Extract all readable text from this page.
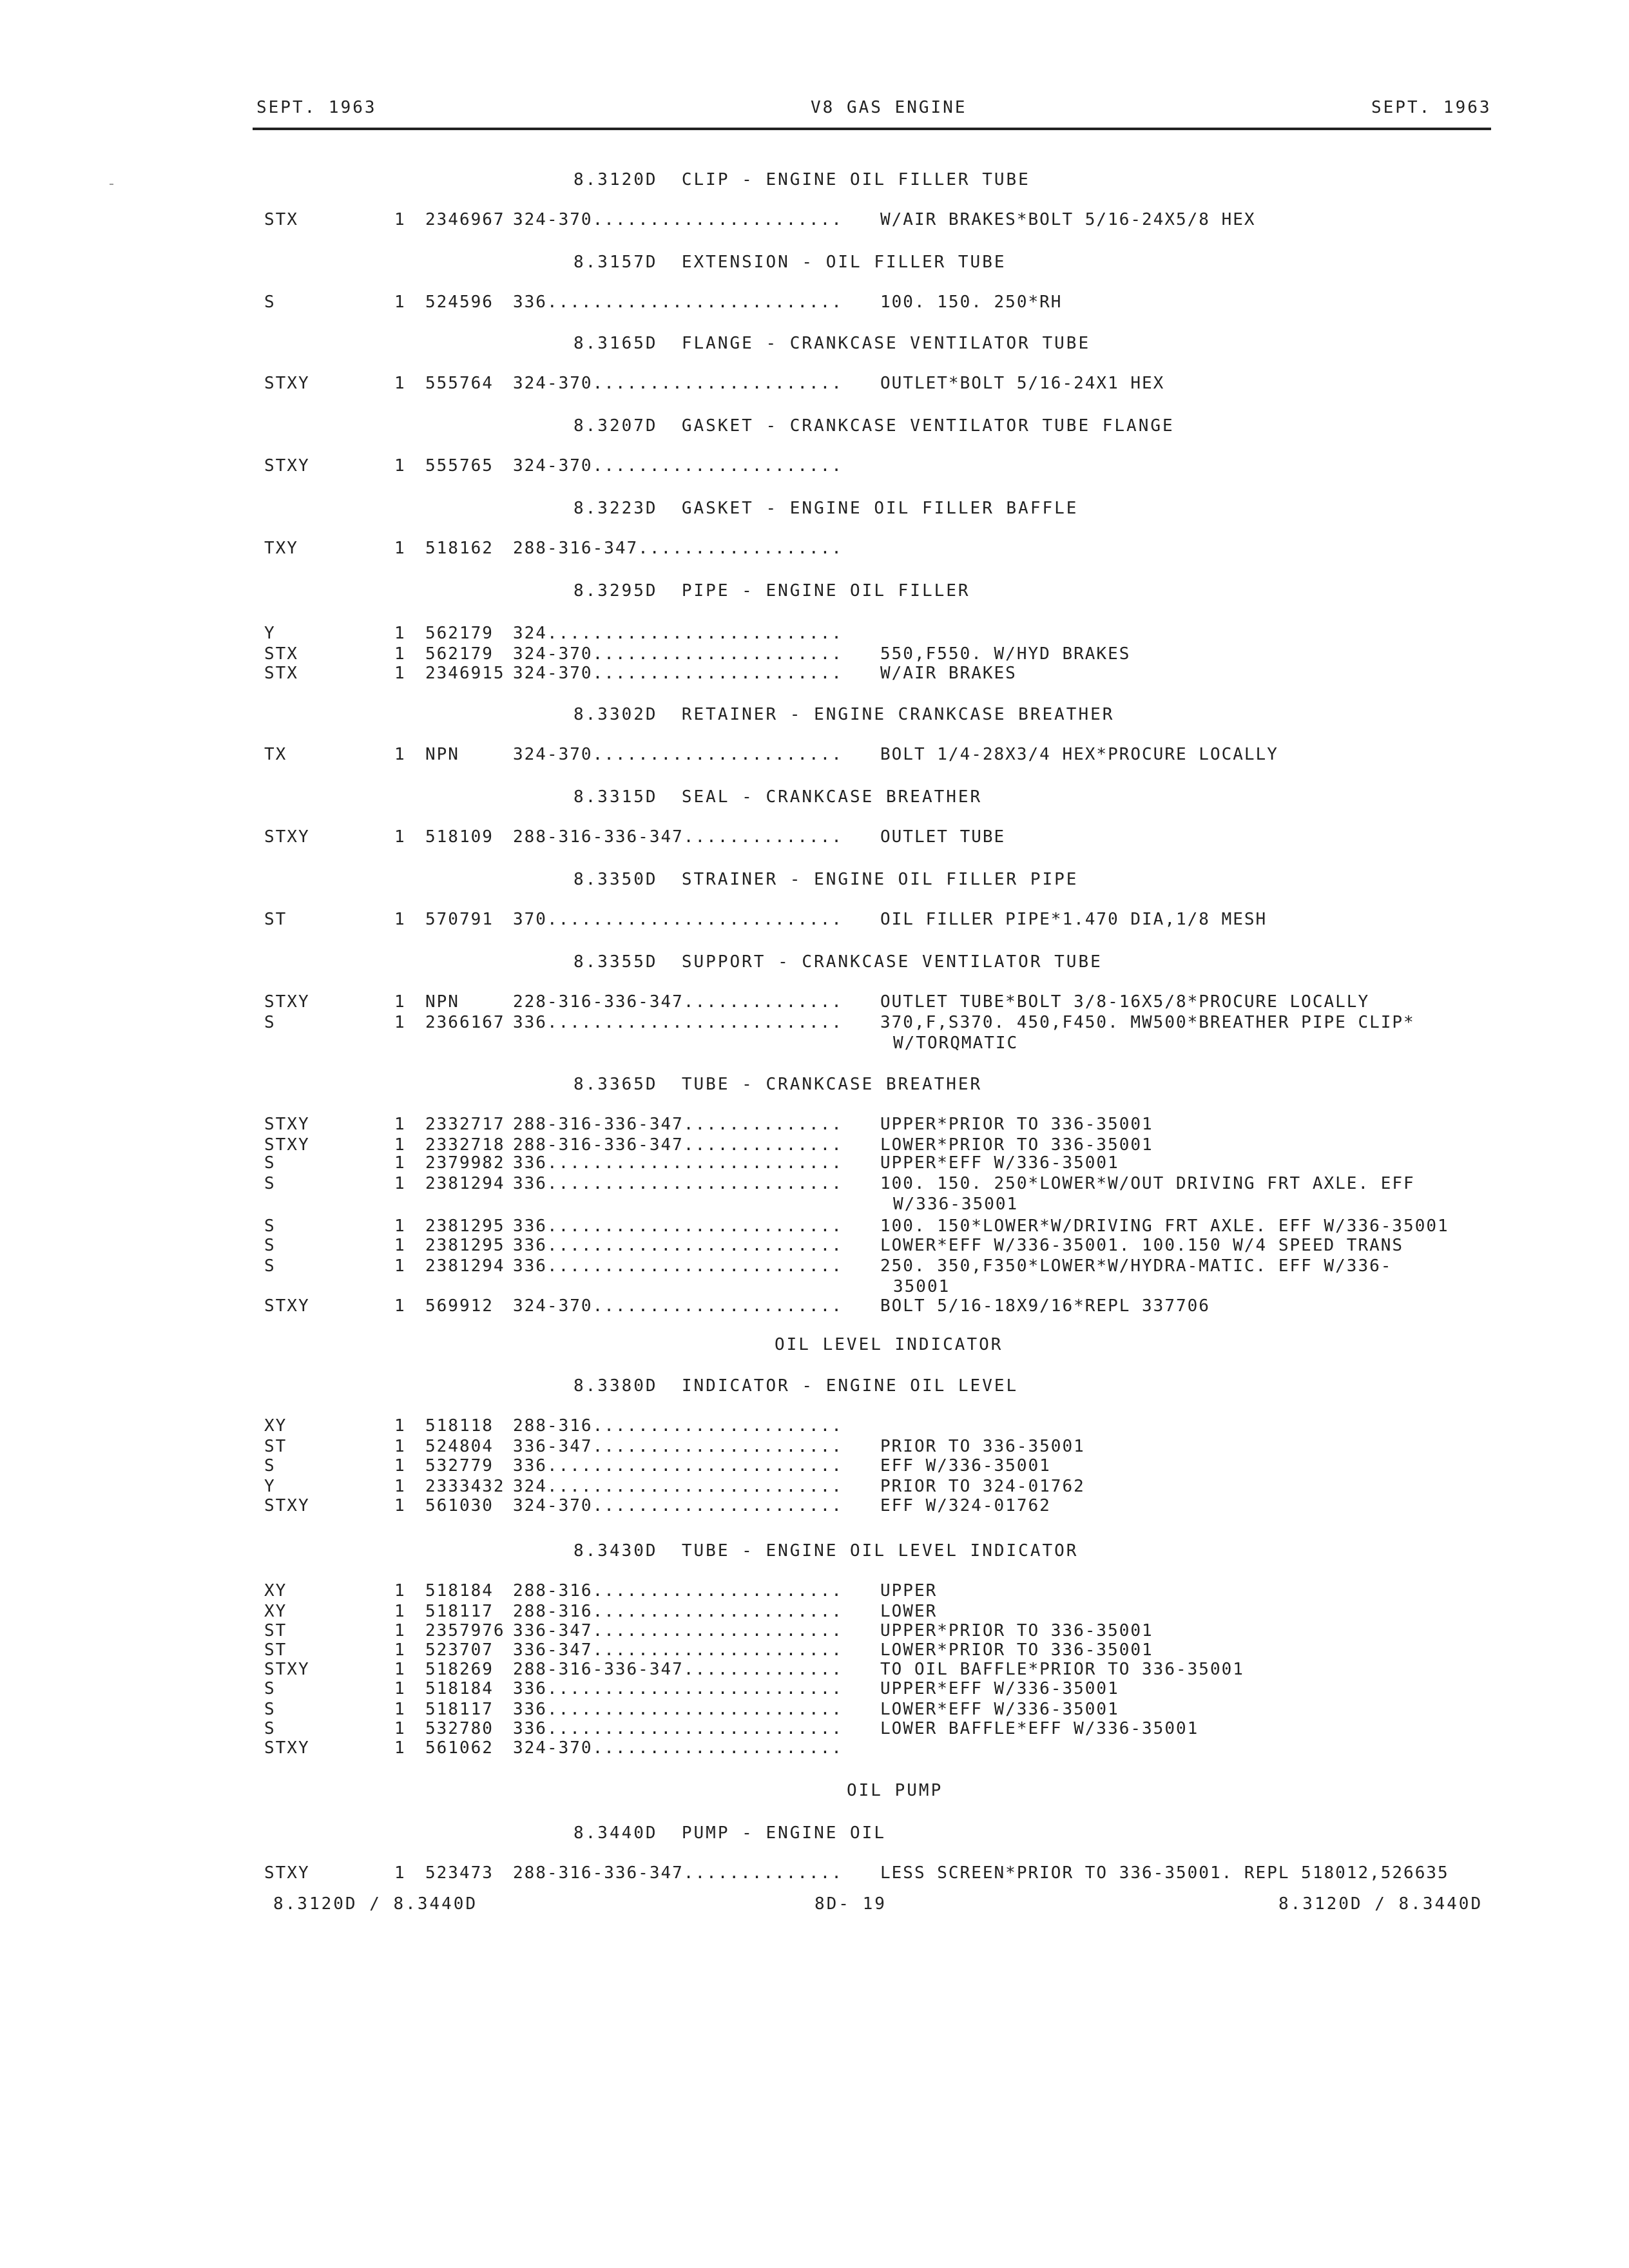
SEPT. 1963	V8 GAS ENGINE	SEPT. 1963
8.3120D  CLIP - ENGINE OIL FILLER TUBE
STX	1 2346967 324-370...................... W/AIR BRAKES*BOLT 5/16-24X5/8 HEX
8.3157D  EXTENSION - OIL FILLER TUBE
S	1 524596 336.......................... 100. 150. 250*RH
8.3165D  FLANGE - CRANKCASE VENTILATOR TUBE
STXY	1 555764 324-370...................... OUTLET*BOLT 5/16-24X1 HEX
8.3207D  GASKET - CRANKCASE VENTILATOR TUBE FLANGE
STXY	1 555765 324-370......................
8.3223D  GASKET - ENGINE OIL FILLER BAFFLE
TXY	1 518162 288-316-347..................
8.3295D  PIPE - ENGINE OIL FILLER
Y	1 562179 324..........................
STX	1 562179 324-370...................... 550,F550. W/HYD BRAKES
STX	1 2346915 324-370...................... W/AIR BRAKES
8.3302D  RETAINER - ENGINE CRANKCASE BREATHER
TX	1 NPN	324-370...................... BOLT 1/4-28X3/4 HEX*PROCURE LOCALLY
8.3315D  SEAL - CRANKCASE BREATHER
STXY	1 518109 288-316-336-347.............. OUTLET TUBE
8.3350D  STRAINER - ENGINE OIL FILLER PIPE
ST	1 570791 370.......................... OIL FILLER PIPE*1.470 DIA,1/8 MESH
8.3355D  SUPPORT - CRANKCASE VENTILATOR TUBE
STXY	1 NPN	228-316-336-347.............. OUTLET TUBE*BOLT 3/8-16X5/8*PROCURE LOCALLY
S	1 2366167 336.......................... 370,F,S370. 450,F450. MW500*BREATHER PIPE CLIP*
W/TORQMATIC
8.3365D  TUBE - CRANKCASE BREATHER
STXY	1 2332717 288-316-336-347.............. UPPER*PRIOR TO 336-35001
STXY	1 2332718 288-316-336-347.............. LOWER*PRIOR TO 336-35001
S	1 2379982 336.......................... UPPER*EFF W/336-35001
S	1 2381294 336.......................... 100. 150. 250*LOWER*W/OUT DRIVING FRT AXLE. EFF
W/336-35001
S	1 2381295 336.......................... 100. 150*LOWER*W/DRIVING FRT AXLE. EFF W/336-35001
S	1 2381295 336.......................... LOWER*EFF W/336-35001. 100.150 W/4 SPEED TRANS
S	1 2381294 336.......................... 250. 350,F350*LOWER*W/HYDRA-MATIC. EFF W/336-
35001
STXY	1 569912 324-370...................... BOLT 5/16-18X9/16*REPL 337706
OIL LEVEL INDICATOR
8.3380D  INDICATOR - ENGINE OIL LEVEL
XY	1 518118 288-316......................
ST	1 524804 336-347...................... PRIOR TO 336-35001
S	1 532779 336.......................... EFF W/336-35001
Y	1 2333432 324.......................... PRIOR TO 324-01762
STXY	1 561030 324-370...................... EFF W/324-01762
8.3430D  TUBE - ENGINE OIL LEVEL INDICATOR
XY	1 518184 288-316...................... UPPER
XY	1 518117 288-316...................... LOWER
ST	1 2357976 336-347...................... UPPER*PRIOR TO 336-35001
ST	1 523707 336-347...................... LOWER*PRIOR TO 336-35001
STXY	1 518269 288-316-336-347.............. TO OIL BAFFLE*PRIOR TO 336-35001
S	1 518184 336.......................... UPPER*EFF W/336-35001
S	1 518117 336.......................... LOWER*EFF W/336-35001
S	1 532780 336.......................... LOWER BAFFLE*EFF W/336-35001
STXY	1 561062 324-370......................
OIL PUMP
8.3440D  PUMP - ENGINE OIL
STXY	1 523473 288-316-336-347.............. LESS SCREEN*PRIOR TO 336-35001. REPL 518012,526635
8.3120D / 8.3440D	8D- 19	8.3120D / 8.3440D
